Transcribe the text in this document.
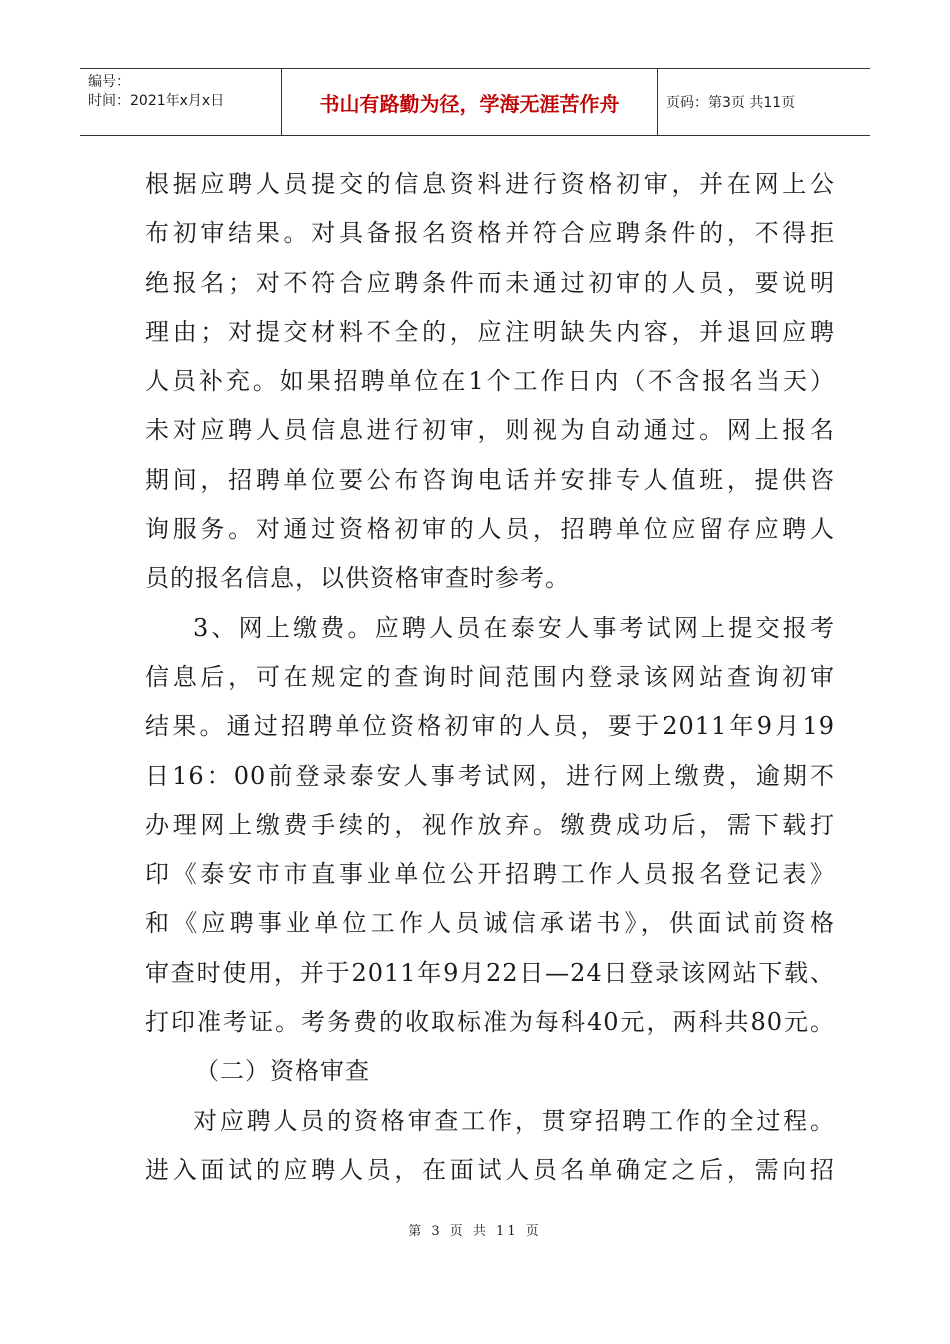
编号：
时间：2021年x月x日	书山有路勤为径，学海无涯苦作舟	页码：第3页 共11页
根据应聘人员提交的信息资料进行资格初审，并在网上公
布初审结果。对具备报名资格并符合应聘条件的，不得拒
绝报名；对不符合应聘条件而未通过初审的人员，要说明
理由；对提交材料不全的，应注明缺失内容，并退回应聘
人员补充。如果招聘单位在1个工作日内（不含报名当天）
未对应聘人员信息进行初审，则视为自动通过。网上报名
期间，招聘单位要公布咨询电话并安排专人值班，提供咨
询服务。对通过资格初审的人员，招聘单位应留存应聘人
员的报名信息，以供资格审查时参考。
3、网上缴费。应聘人员在泰安人事考试网上提交报考
信息后，可在规定的查询时间范围内登录该网站查询初审
结果。通过招聘单位资格初审的人员，要于2011年9月19
日16：00前登录泰安人事考试网，进行网上缴费，逾期不
办理网上缴费手续的，视作放弃。缴费成功后，需下载打
印《泰安市市直事业单位公开招聘工作人员报名登记表》
和《应聘事业单位工作人员诚信承诺书》，供面试前资格
审查时使用，并于2011年9月22日—24日登录该网站下载、
打印准考证。考务费的收取标准为每科40元，两科共80元。
（二）资格审查
对应聘人员的资格审查工作，贯穿招聘工作的全过程。
进入面试的应聘人员，在面试人员名单确定之后，需向招
第 3 页 共 11 页
